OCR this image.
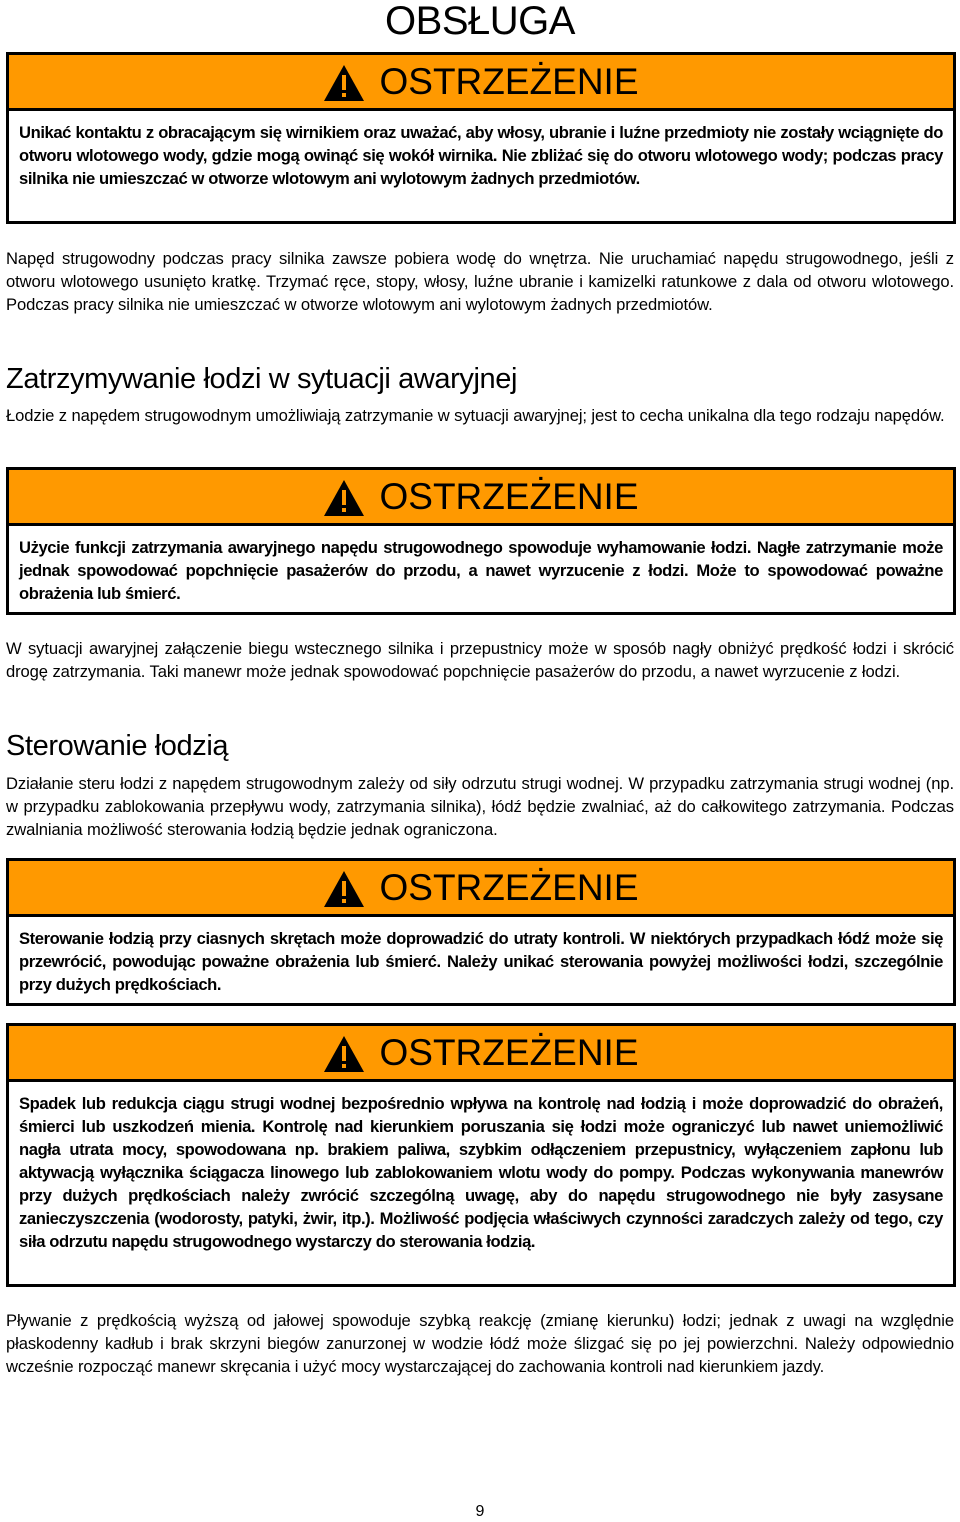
OBSŁUGA
OSTRZEŻENIE
Unikać kontaktu z obracającym się wirnikiem oraz uważać, aby włosy, ubranie i luźne przedmioty nie zostały wciągnięte do otworu wlotowego wody, gdzie mogą owinąć się wokół wirnika. Nie zbliżać się do otworu wlotowego wody; podczas pracy silnika nie umieszczać w otworze wlotowym ani wylotowym żadnych przedmiotów.

Napęd strugowodny podczas pracy silnika zawsze pobiera wodę do wnętrza. Nie uruchamiać napędu strugowodnego, jeśli z otworu wlotowego usunięto kratkę. Trzymać ręce, stopy, włosy, luźne ubranie i kamizelki ratunkowe z dala od otworu wlotowego. Podczas pracy silnika nie umieszczać w otworze wlotowym ani wylotowym żadnych przedmiotów.

Zatrzymywanie łodzi w sytuacji awaryjnej

Łodzie z napędem strugowodnym umożliwiają zatrzymanie w sytuacji awaryjnej; jest to cecha unikalna dla tego rodzaju napędów.

OSTRZEŻENIE
Użycie funkcji zatrzymania awaryjnego napędu strugowodnego spowoduje wyhamowanie łodzi. Nagłe zatrzymanie może jednak spowodować popchnięcie pasażerów do przodu, a nawet wyrzucenie z łodzi. Może to spowodować poważne obrażenia lub śmierć.

W sytuacji awaryjnej załączenie biegu wstecznego silnika i przepustnicy może w sposób nagły obniżyć prędkość łodzi i skrócić drogę zatrzymania. Taki manewr może jednak spowodować popchnięcie pasażerów do przodu, a nawet wyrzucenie z łodzi.

Sterowanie łodzią

Działanie steru łodzi z napędem strugowodnym zależy od siły odrzutu strugi wodnej. W przypadku zatrzymania strugi wodnej (np. w przypadku zablokowania przepływu wody, zatrzymania silnika), łódź będzie zwalniać, aż do całkowitego zatrzymania. Podczas zwalniania możliwość sterowania łodzią będzie jednak ograniczona.

OSTRZEŻENIE
Sterowanie łodzią przy ciasnych skrętach może doprowadzić do utraty kontroli. W niektórych przypadkach łódź może się przewrócić, powodując poważne obrażenia lub śmierć. Należy unikać sterowania powyżej możliwości łodzi, szczególnie przy dużych prędkościach.
OSTRZEŻENIE
Spadek lub redukcja ciągu strugi wodnej bezpośrednio wpływa na kontrolę nad łodzią i może doprowadzić do obrażeń, śmierci lub uszkodzeń mienia. Kontrolę nad kierunkiem poruszania się łodzi może ograniczyć lub nawet uniemożliwić nagła utrata mocy, spowodowana np. brakiem paliwa, szybkim odłączeniem przepustnicy, wyłączeniem zapłonu lub aktywacją wyłącznika ściągacza linowego lub zablokowaniem wlotu wody do pompy. Podczas wykonywania manewrów przy dużych prędkościach należy zwrócić szczególną uwagę, aby do napędu strugowodnego nie były zasysane zanieczyszczenia (wodorosty, patyki, żwir, itp.). Możliwość podjęcia właściwych czynności zaradczych zależy od tego, czy siła odrzutu napędu strugowodnego wystarczy do sterowania łodzią.

Pływanie z prędkością wyższą od jałowej spowoduje szybką reakcję (zmianę kierunku) łodzi; jednak z uwagi na względnie płaskodenny kadłub i brak skrzyni biegów zanurzonej w wodzie łódź może ślizgać się po jej powierzchni. Należy odpowiednio wcześnie rozpocząć manewr skręcania i użyć mocy wystarczającej do zachowania kontroli nad kierunkiem jazdy.

9
